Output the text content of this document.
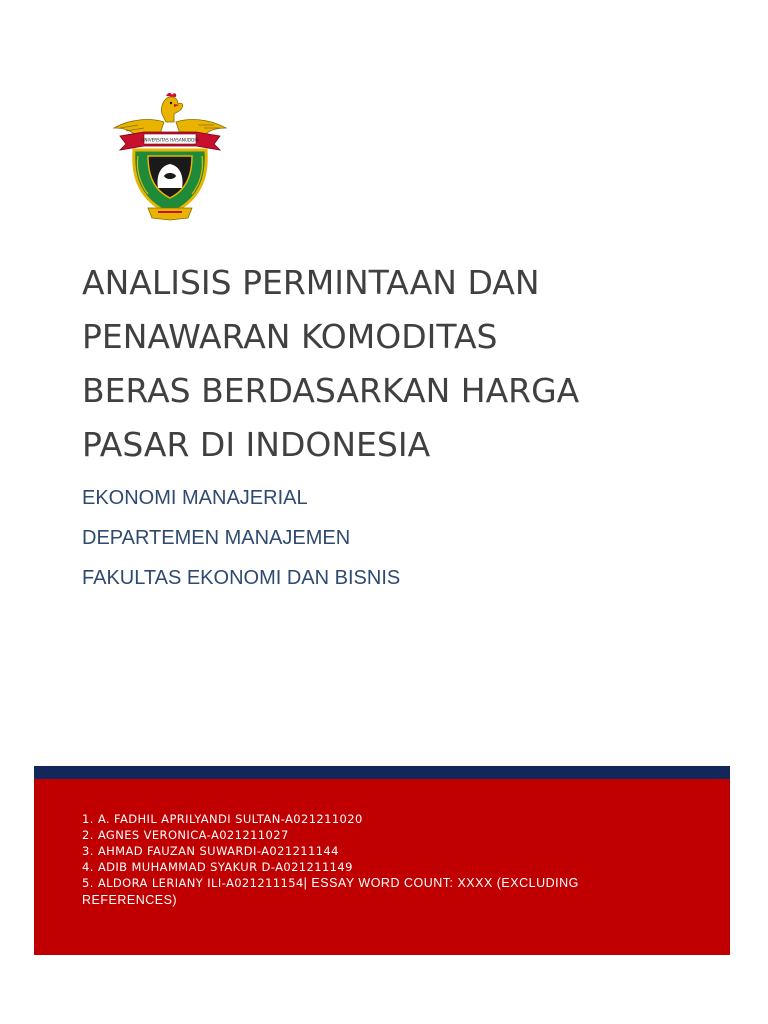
UNIVERSITAS HASANUDDIN
ANALISIS PERMINTAAN DAN
PENAWARAN KOMODITAS
BERAS BERDASARKAN HARGA
PASAR DI INDONESIA
EKONOMI MANAJERIAL
DEPARTEMEN MANAJEMEN
FAKULTAS EKONOMI DAN BISNIS
1. A. FADHIL APRILYANDI SULTAN-A021211020
2. AGNES VERONICA-A021211027
3. AHMAD FAUZAN SUWARDI-A021211144
4. ADIB MUHAMMAD SYAKUR D-A021211149
5. ALDORA LERIANY ILI-A021211154| ESSAY WORD COUNT: XXXX (EXCLUDING REFERENCES)
